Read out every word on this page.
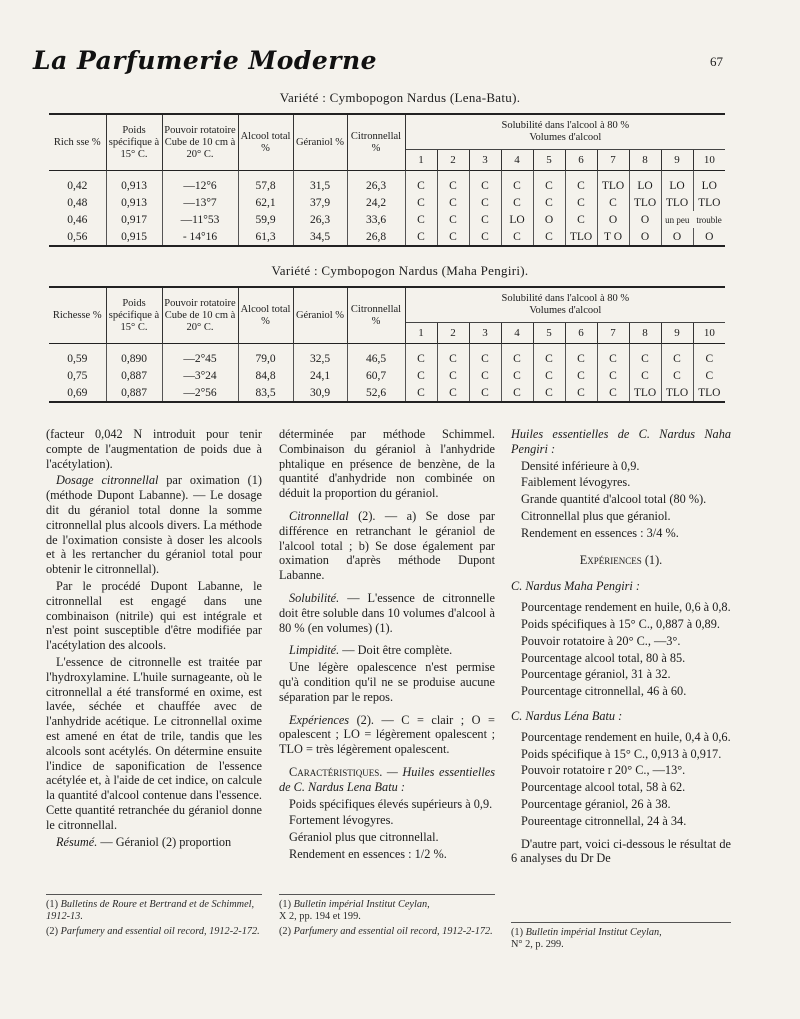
La Parfumerie Moderne	67
Variété : Cymbopogon Nardus (Lena-Batu).
Rich sse %	Poids spécifique à 15° C.	Pouvoir rotatoire Cube de 10 cm à 20° C.	Alcool total %	Géraniol %	Citronnellal %	Solubilité dans l'alcool à 80 %
Volumes d'alcool									
						1	2	3	4	5	6	7	8	9	10
0,42	0,913	—12°6	57,8	31,5	26,3	C	C	C	C	C	C	TLO	LO	LO	LO
0,48	0,913	—13°7	62,1	37,9	24,2	C	C	C	C	C	C	C	TLO	TLO	TLO
0,46	0,917	—11°53	59,9	26,3	33,6	C	C	C	LO	O	C	O	O	un peu	trouble
0,56	0,915	- 14°16	61,3	34,5	26,8	C	C	C	C	C	TLO	T O	O	O	O
Variété : Cymbopogon Nardus (Maha Pengiri).
Richesse %	Poids spécifique à 15° C.	Pouvoir rotatoire Cube de 10 cm à 20° C.	Alcool total %	Géraniol %	Citronnellal %	Solubilité dans l'alcool à 80 %
Volumes d'alcool									
						1	2	3	4	5	6	7	8	9	10
0,59	0,890	—2°45	79,0	32,5	46,5	C	C	C	C	C	C	C	C	C	C
0,75	0,887	—3°24	84,8	24,1	60,7	C	C	C	C	C	C	C	C	C	C
0,69	0,887	—2°56	83,5	30,9	52,6	C	C	C	C	C	C	C	TLO	TLO	TLO

(facteur 0,042 N introduit pour tenir compte de l'augmentation de poids due à l'acétylation).

Dosage citronnellal par oximation (1) (méthode Dupont Labanne). — Le dosage dit du géraniol total donne la somme citronnellal plus alcools divers. La méthode de l'oximation consiste à doser les alcools et à les rertancher du géraniol total pour obtenir le citronnellal).

Par le procédé Dupont Labanne, le citronnellal est engagé dans une combinaison (nitrile) qui est intégrale et n'est point susceptible d'être modifiée par l'acétylation des alcools.

L'essence de citronnelle est traitée par l'hydroxylamine. L'huile surnageante, où le citronnellal a été transformé en oxime, est lavée, séchée et chauffée avec de l'anhydride acétique. Le citronnellal oxime est amené en état de trile, tandis que les alcools sont acétylés. On détermine ensuite l'indice de saponification de l'essence acétylée et, à l'aide de cet indice, on calcule la quantité d'alcool contenue dans l'essence. Cette quantité retranchée du géraniol donne le citronnellal.

Résumé. — Géraniol (2) proportion

(1) Bulletins de Roure et Bertrand et de Schimmel, 1912-13.

(2) Parfumery and essential oil record, 1912-2-172.

déterminée par méthode Schimmel. Combinaison du géraniol à l'anhydride phtalique en présence de benzène, de la quantité d'anhydride non combinée on déduit la proportion du géraniol.

Citronnellal (2). — a) Se dose par différence en retranchant le géraniol de l'alcool total ; b) Se dose également par oximation d'après méthode Dupont Labanne.

Solubilité. — L'essence de citronnelle doit être soluble dans 10 volumes d'alcool à 80 % (en volumes) (1).

Limpidité. — Doit être complète.

Une légère opalescence n'est permise qu'à condition qu'il ne se produise aucune séparation par le repos.

Expériences (2). — C = clair ; O = opalescent ; LO = légèrement opalescent ; TLO = très légèrement opalescent.

Caractéristiques. — Huiles essentielles de C. Nardus Lena Batu :

Poids spécifiques élevés supérieurs à 0,9.

Fortement lévogyres.

Géraniol plus que citronnellal.

Rendement en essences : 1/2 %.

(1) Bulletin impérial Institut Ceylan,
X 2, pp. 194 et 199.

(2) Parfumery and essential oil record, 1912-2-172.

Huiles essentielles de C. Nardus Naha Pengiri :

Densité inférieure à 0,9.

Faiblement lévogyres.

Grande quantité d'alcool total (80 %).

Citronnellal plus que géraniol.

Rendement en essences : 3/4 %.

Expériences (1).

C. Nardus Maha Pengiri :

Pourcentage rendement en huile, 0,6 à 0,8.

Poids spécifiques à 15° C., 0,887 à 0,89.

Pouvoir rotatoire à 20° C., —3°.

Pourcentage alcool total, 80 à 85.

Pourcentage géraniol, 31 à 32.

Pourcentage citronnellal, 46 à 60.

C. Nardus Léna Batu :

Pourcentage rendement en huile, 0,4 à 0,6.

Poids spécifique à 15° C., 0,913 à 0,917.

Pouvoir rotatoire r 20° C., —13°.

Pourcentage alcool total, 58 à 62.

Pourcentage géraniol, 26 à 38.

Poureentage citronnellal, 24 à 34.

D'autre part, voici ci-dessous le résultat de 6 analyses du Dr De

(1) Bulletin impérial Institut Ceylan,
N° 2, p. 299.
